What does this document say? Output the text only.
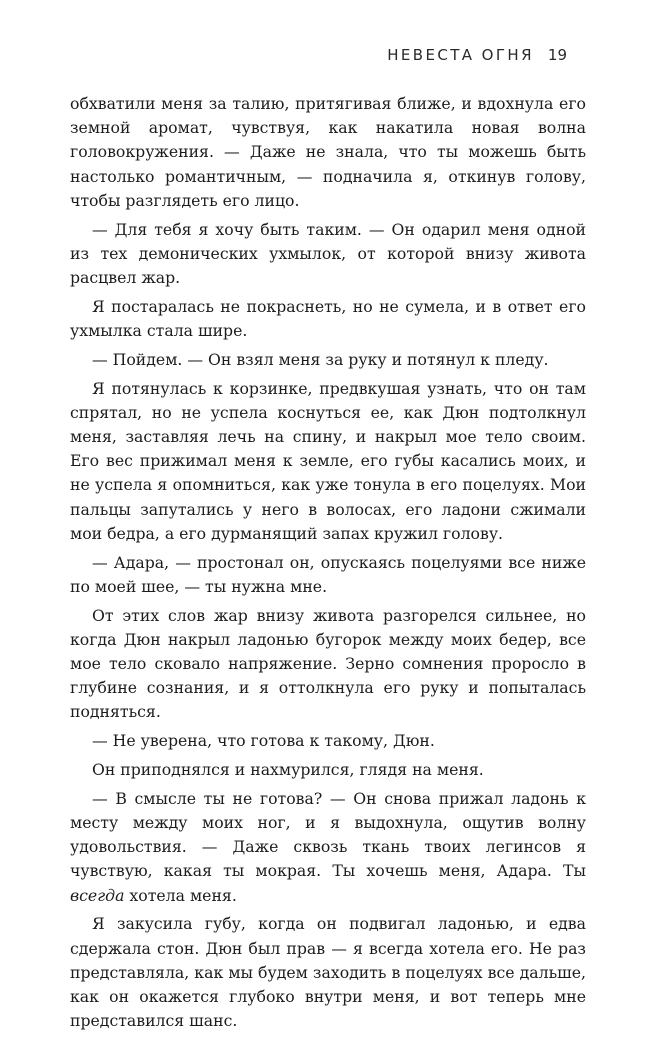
НЕВЕСТА ОГНЯ 19

обхватили меня за талию, притягивая ближе, и вдохнула его земной аромат, чувствуя, как накатила новая волна головокружения. — Даже не знала, что ты можешь быть настолько романтичным, — подначила я, откинув голову, чтобы разглядеть его лицо.

— Для тебя я хочу быть таким. — Он одарил меня одной из тех демонических ухмылок, от которой внизу живота расцвел жар.

Я постаралась не покраснеть, но не сумела, и в ответ его ухмылка стала шире.

— Пойдем. — Он взял меня за руку и потянул к пледу.

Я потянулась к корзинке, предвкушая узнать, что он там спрятал, но не успела коснуться ее, как Дюн подтолкнул меня, заставляя лечь на спину, и накрыл мое тело своим. Его вес прижимал меня к земле, его губы касались моих, и не успела я опомниться, как уже тонула в его поцелуях. Мои пальцы запутались у него в волосах, его ладони сжимали мои бедра, а его дурманящий запах кружил голову.

— Адара, — простонал он, опускаясь поцелуями все ниже по моей шее, — ты нужна мне.

От этих слов жар внизу живота разгорелся сильнее, но когда Дюн накрыл ладонью бугорок между моих бедер, все мое тело сковало напряжение. Зерно сомнения проросло в глубине сознания, и я оттолкнула его руку и попыталась подняться.

— Не уверена, что готова к такому, Дюн.

Он приподнялся и нахмурился, глядя на меня.

— В смысле ты не готова? — Он снова прижал ладонь к месту между моих ног, и я выдохнула, ощутив волну удовольствия. — Даже сквозь ткань твоих легинсов я чувствую, какая ты мокрая. Ты хочешь меня, Адара. Ты всегда хотела меня.

Я закусила губу, когда он подвигал ладонью, и едва сдержала стон. Дюн был прав — я всегда хотела его. Не раз представляла, как мы будем заходить в поцелуях все дальше, как он окажется глубоко внутри меня, и вот теперь мне представился шанс.
